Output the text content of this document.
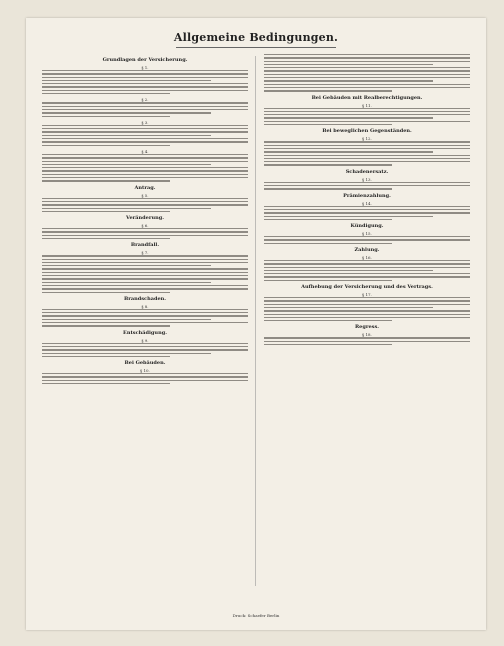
Allgemeine Bedingungen.
Grundlagen der Versicherung.
§ 1.
§ 2.
§ 3.
§ 4.
Antrag.
§ 5.
Veränderung.
§ 6.
Brandfall.
§ 7.
Brandschaden.
§ 8.
Entschädigung.
§ 9.
Bei Gebäuden.
§ 10.
Bei Gebäuden mit Realberechtigungen.
§ 11.
Bei beweglichen Gegenständen.
§ 12.
Schadenersatz.
§ 13.
Prämienzahlung.
§ 14.
Kündigung.
§ 15.
Zahlung.
§ 16.
Aufhebung der Versicherung und des Vertrags.
§ 17.
Regress.
§ 18.
Druck: Schaefer Berlin
